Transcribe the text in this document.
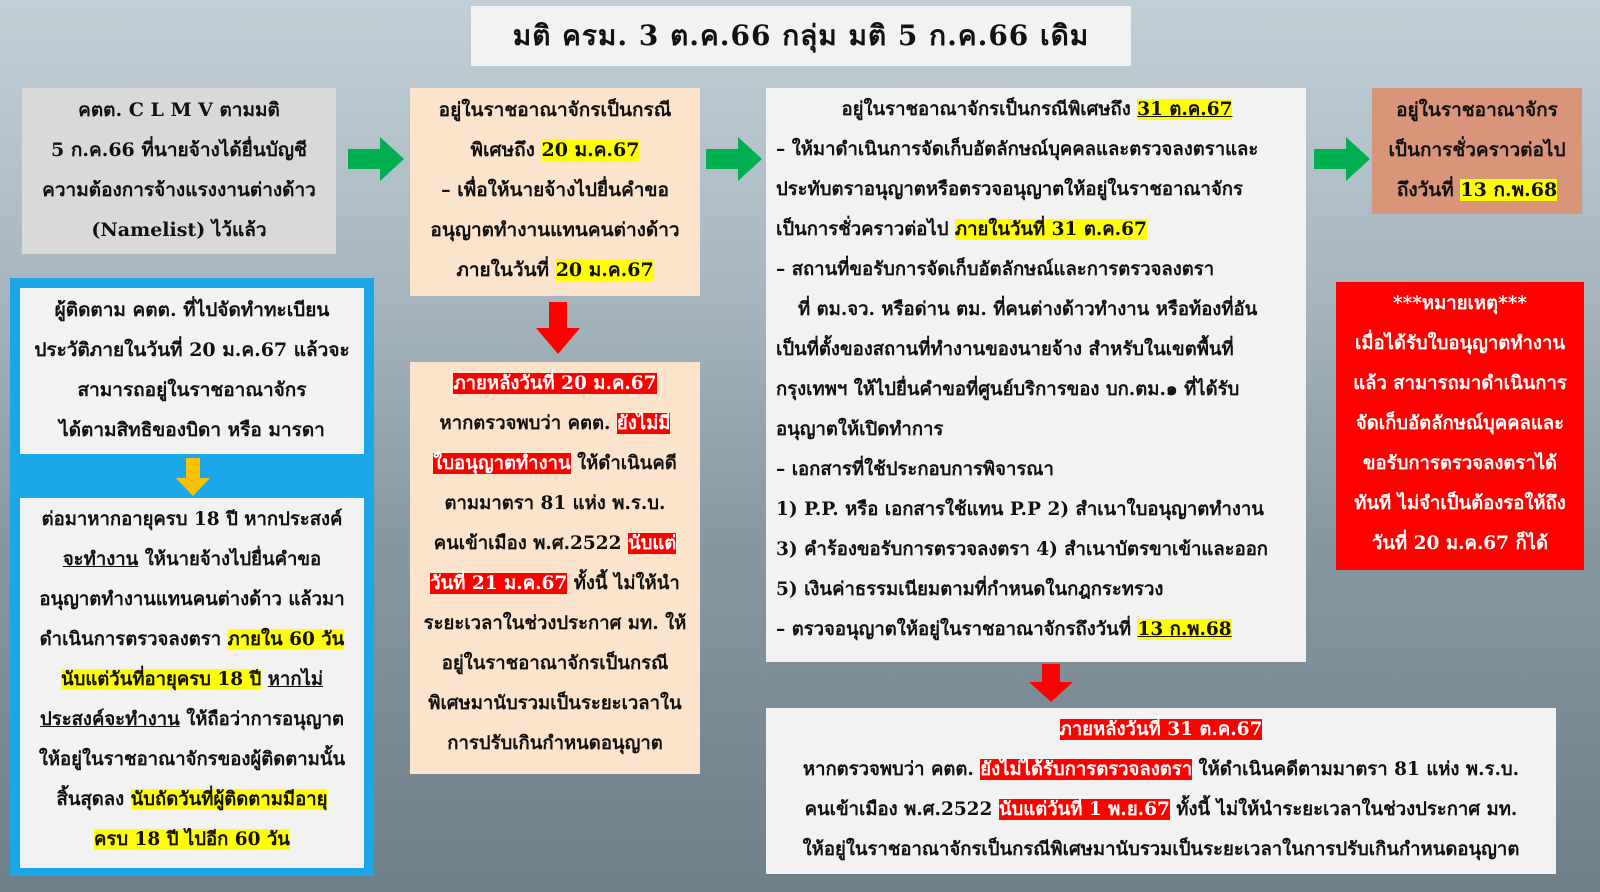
มติ ครม. 3 ต.ค.66 กลุ่ม มติ 5 ก.ค.66 เดิม

คตต. C L M V ตามมติ

5 ก.ค.66 ที่นายจ้างได้ยื่นบัญชี

ความต้องการจ้างแรงงานต่างด้าว

(Namelist) ไว้แล้ว

อยู่ในราชอาณาจักรเป็นกรณี

พิเศษถึง 20 ม.ค.67

– เพื่อให้นายจ้างไปยื่นคำขอ

อนุญาตทำงานแทนคนต่างด้าว

ภายในวันที่ 20 ม.ค.67

อยู่ในราชอาณาจักรเป็นกรณีพิเศษถึง 31 ต.ค.67

– ให้มาดำเนินการจัดเก็บอัตลักษณ์บุคคลและตรวจลงตราและ

ประทับตราอนุญาตหรือตรวจอนุญาตให้อยู่ในราชอาณาจักร

เป็นการชั่วคราวต่อไป ภายในวันที่ 31 ต.ค.67

– สถานที่ขอรับการจัดเก็บอัตลักษณ์และการตรวจลงตรา

ที่ ตม.จว. หรือด่าน ตม. ที่คนต่างด้าวทำงาน หรือท้องที่อัน

เป็นที่ตั้งของสถานที่ทำงานของนายจ้าง สำหรับในเขตพื้นที่

กรุงเทพฯ ให้ไปยื่นคำขอที่ศูนย์บริการของ บก.ตม.๑ ที่ได้รับ

อนุญาตให้เปิดทำการ

– เอกสารที่ใช้ประกอบการพิจารณา

1) P.P. หรือ เอกสารใช้แทน P.P 2) สำเนาใบอนุญาตทำงาน

3) คำร้องขอรับการตรวจลงตรา 4) สำเนาบัตรขาเข้าและออก

5) เงินค่าธรรมเนียมตามที่กำหนดในกฎกระทรวง

– ตรวจอนุญาตให้อยู่ในราชอาณาจักรถึงวันที่ 13 ก.พ.68

อยู่ในราชอาณาจักร

เป็นการชั่วคราวต่อไป

ถึงวันที่ 13 ก.พ.68

***หมายเหตุ***

เมื่อได้รับใบอนุญาตทำงาน

แล้ว สามารถมาดำเนินการ

จัดเก็บอัตลักษณ์บุคคลและ

ขอรับการตรวจลงตราได้

ทันที ไม่จำเป็นต้องรอให้ถึง

วันที่ 20 ม.ค.67 ก็ได้

ผู้ติดตาม คตต. ที่ไปจัดทำทะเบียน

ประวัติภายในวันที่ 20 ม.ค.67 แล้วจะ

สามารถอยู่ในราชอาณาจักร

ได้ตามสิทธิของบิดา หรือ มารดา

ต่อมาหากอายุครบ 18 ปี หากประสงค์

จะทำงาน ให้นายจ้างไปยื่นคำขอ

อนุญาตทำงานแทนคนต่างด้าว แล้วมา

ดำเนินการตรวจลงตรา ภายใน 60 วัน

นับแต่วันที่อายุครบ 18 ปี หากไม่

ประสงค์จะทำงาน ให้ถือว่าการอนุญาต

ให้อยู่ในราชอาณาจักรของผู้ติดตามนั้น

สิ้นสุดลง นับถัดวันที่ผู้ติดตามมีอายุ

ครบ 18 ปี ไปอีก 60 วัน

ภายหลังวันที่ 20 ม.ค.67

หากตรวจพบว่า คตต. ยังไม่มี

ใบอนุญาตทำงาน ให้ดำเนินคดี

ตามมาตรา 81 แห่ง พ.ร.บ.

คนเข้าเมือง พ.ศ.2522 นับแต่

วันที่ 21 ม.ค.67 ทั้งนี้ ไม่ให้นำ

ระยะเวลาในช่วงประกาศ มท. ให้

อยู่ในราชอาณาจักรเป็นกรณี

พิเศษมานับรวมเป็นระยะเวลาใน

การปรับเกินกำหนดอนุญาต

ภายหลังวันที่ 31 ต.ค.67

หากตรวจพบว่า คตต. ยังไม่ได้รับการตรวจลงตรา ให้ดำเนินคดีตามมาตรา 81 แห่ง พ.ร.บ.

คนเข้าเมือง พ.ศ.2522 นับแต่วันที่ 1 พ.ย.67 ทั้งนี้ ไม่ให้นำระยะเวลาในช่วงประกาศ มท.

ให้อยู่ในราชอาณาจักรเป็นกรณีพิเศษมานับรวมเป็นระยะเวลาในการปรับเกินกำหนดอนุญาต
